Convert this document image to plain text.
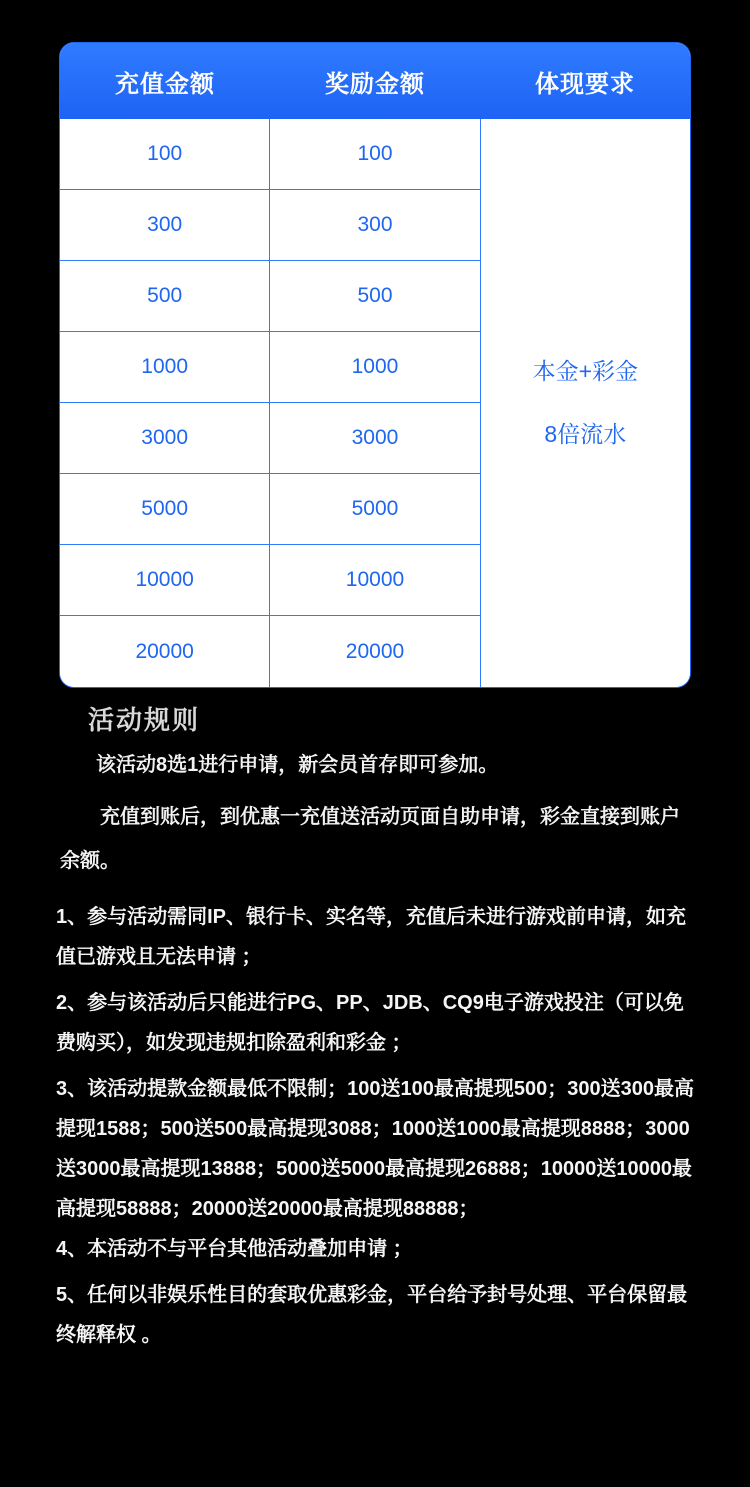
充值金额	奖励金额	体现要求
100
300
500
1000
3000
5000
10000
20000
100
300
500
1000
3000
5000
10000
20000
本金+彩金
8倍流水
活动规则

该活动8选1进行申请，新会员首存即可参加。

充值到账后，到优惠一充值送活动页面自助申请，彩金直接到账户余额。

1、参与活动需同IP、银行卡、实名等，充值后未进行游戏前申请，如充值已游戏且无法申请 ；
2、参与该活动后只能进行PG、PP、JDB、CQ9电子游戏投注（可以免费购买），如发现违规扣除盈利和彩金 ；
3、该活动提款金额最低不限制；100送100最高提现500；300送300最高提现1588；500送500最高提现3088；1000送1000最高提现8888；3000送3000最高提现13888；5000送5000最高提现26888；10000送10000最高提现58888；20000送20000最高提现88888；
4、本活动不与平台其他活动叠加申请 ；
5、任何以非娱乐性目的套取优惠彩金，平台给予封号处理、平台保留最终解释权 。
